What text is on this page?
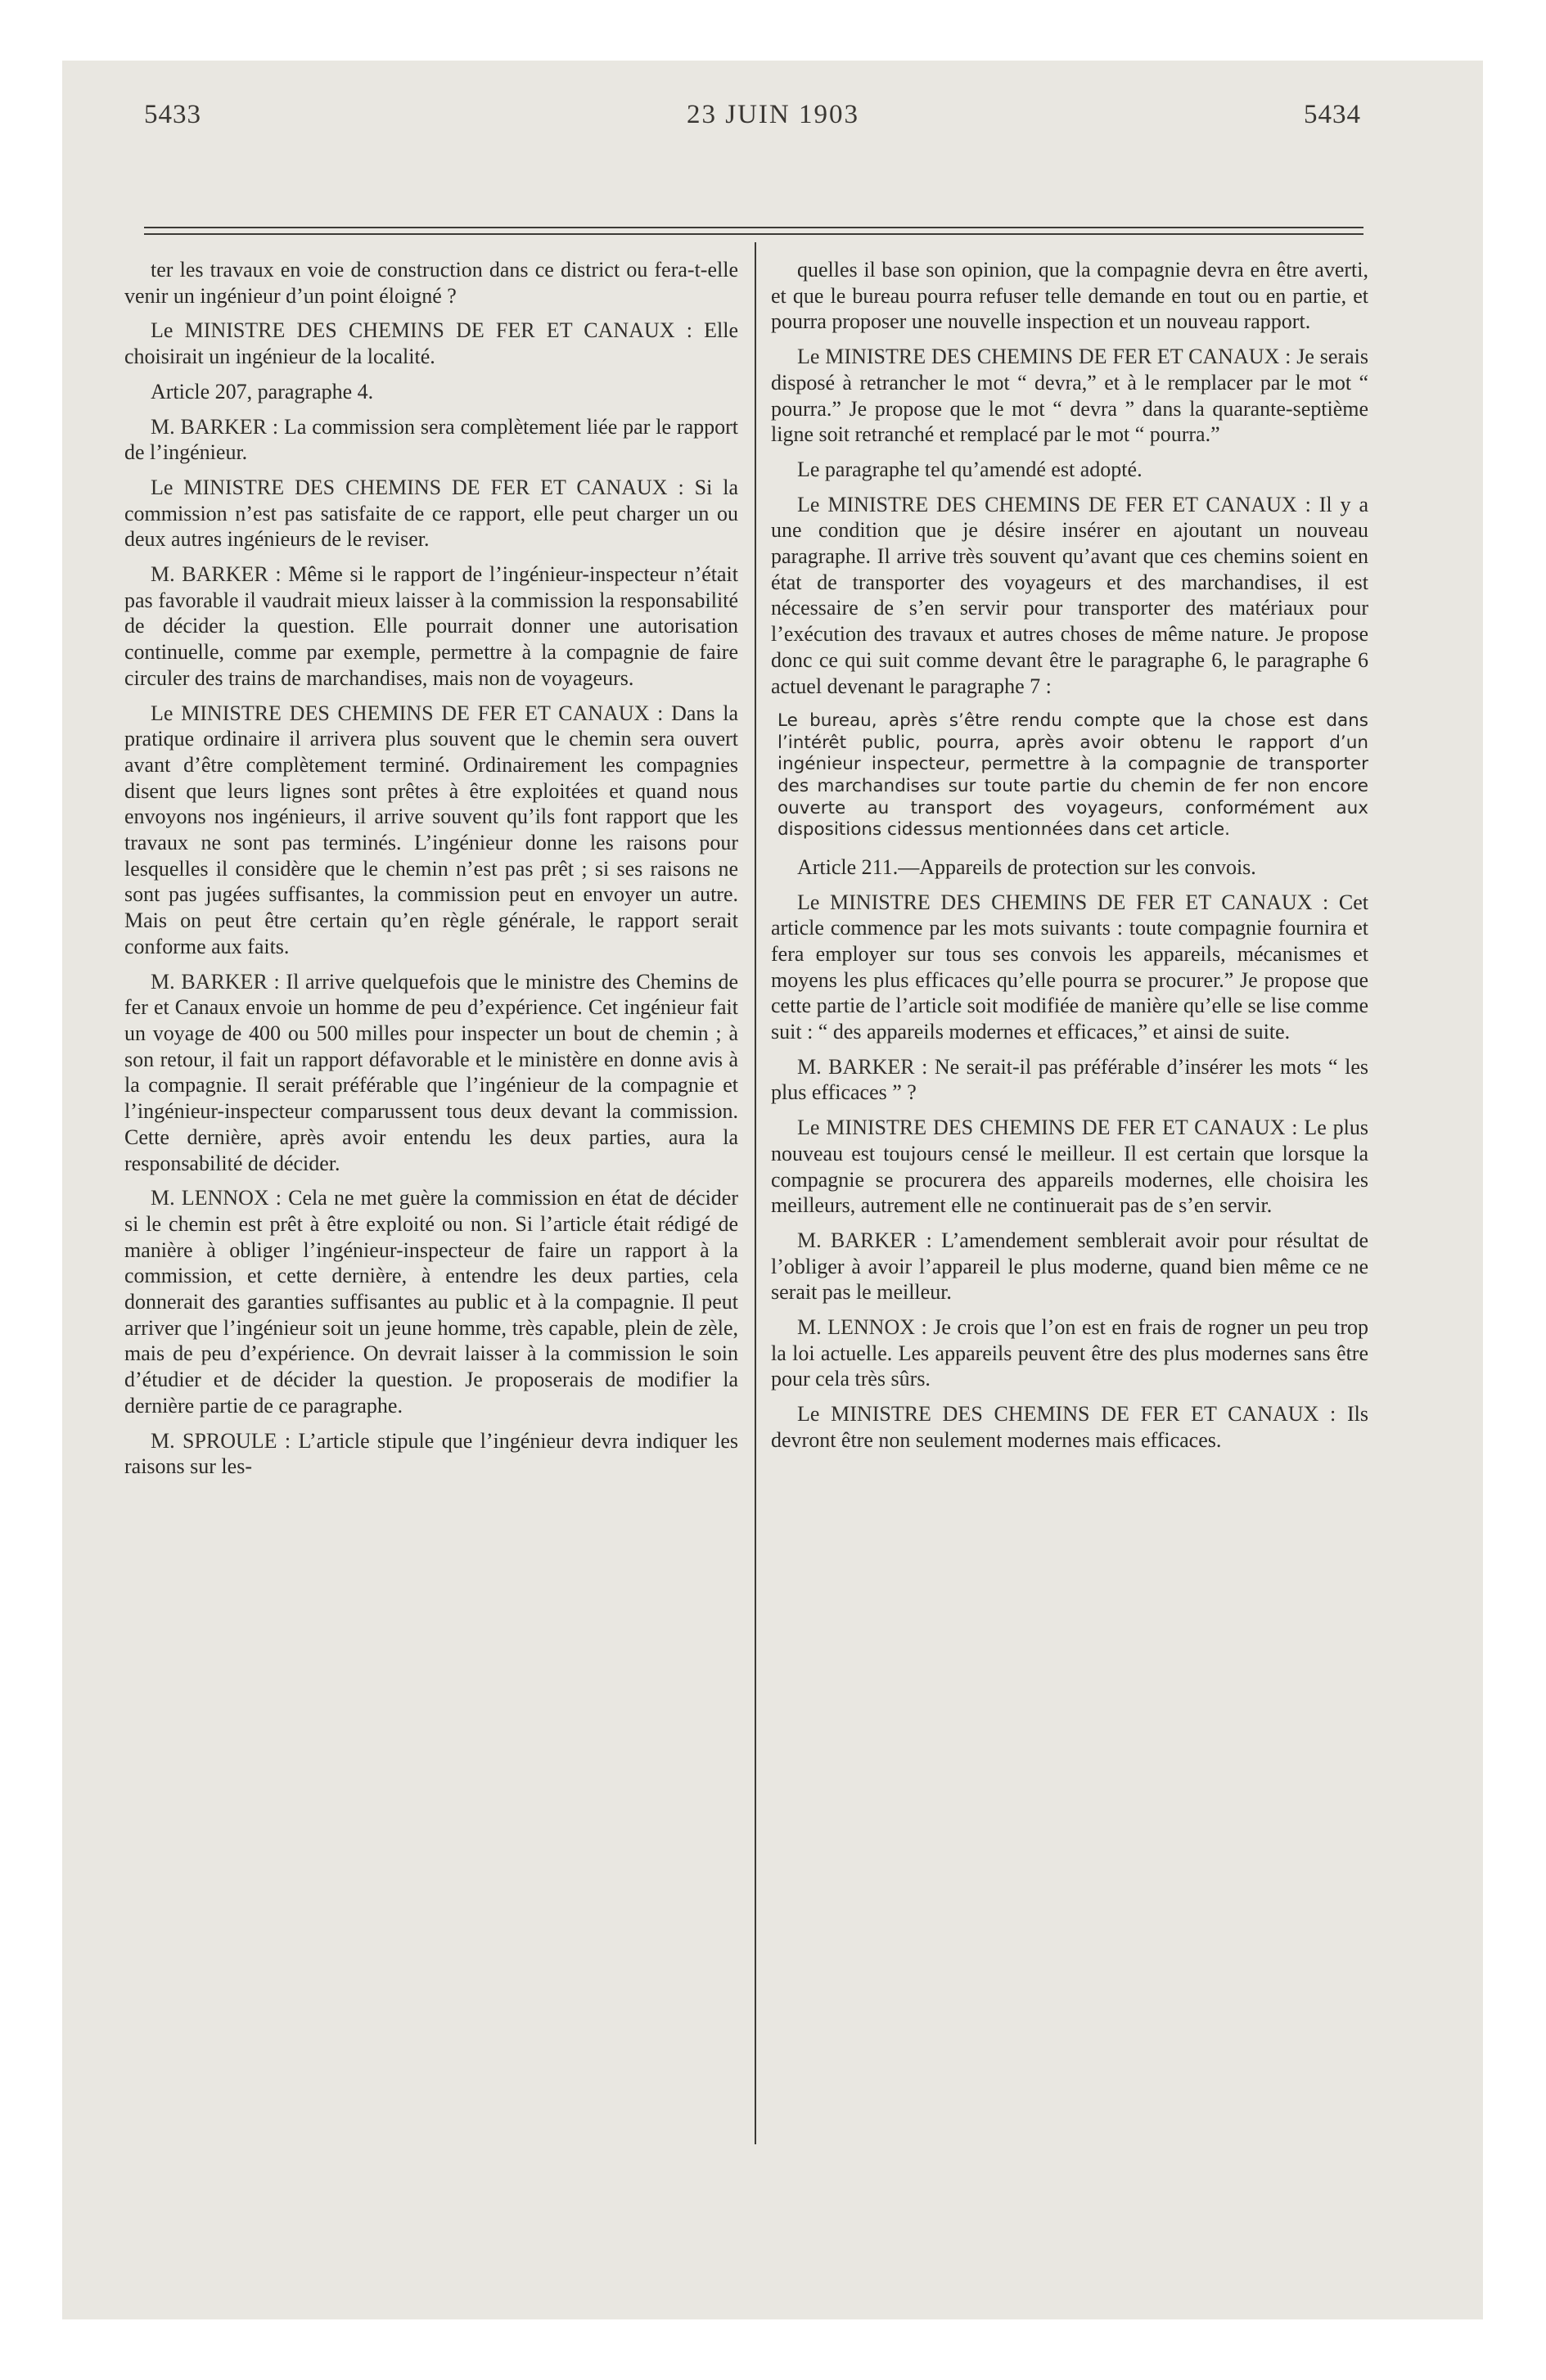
5433	23 JUIN 1903	5434

ter les travaux en voie de construction dans ce district ou fera-t-elle venir un ingénieur d’un point éloigné ?

Le MINISTRE DES CHEMINS DE FER ET CANAUX : Elle choisirait un ingénieur de la localité.

Article 207, paragraphe 4.

M. BARKER : La commission sera complètement liée par le rapport de l’ingénieur.

Le MINISTRE DES CHEMINS DE FER ET CANAUX : Si la commission n’est pas satisfaite de ce rapport, elle peut charger un ou deux autres ingénieurs de le reviser.

M. BARKER : Même si le rapport de l’ingénieur-inspecteur n’était pas favorable il vaudrait mieux laisser à la commission la responsabilité de décider la question. Elle pourrait donner une autorisation continuelle, comme par exemple, permettre à la compagnie de faire circuler des trains de marchandises, mais non de voyageurs.

Le MINISTRE DES CHEMINS DE FER ET CANAUX : Dans la pratique ordinaire il arrivera plus souvent que le chemin sera ouvert avant d’être complètement terminé. Ordinairement les compagnies disent que leurs lignes sont prêtes à être exploitées et quand nous envoyons nos ingénieurs, il arrive souvent qu’ils font rapport que les travaux ne sont pas terminés. L’ingénieur donne les raisons pour lesquelles il considère que le chemin n’est pas prêt ; si ses raisons ne sont pas jugées suffisantes, la commission peut en envoyer un autre. Mais on peut être certain qu’en règle générale, le rapport serait conforme aux faits.

M. BARKER : Il arrive quelquefois que le ministre des Chemins de fer et Canaux envoie un homme de peu d’expérience. Cet ingénieur fait un voyage de 400 ou 500 milles pour inspecter un bout de chemin ; à son retour, il fait un rapport défavorable et le ministère en donne avis à la compagnie. Il serait préférable que l’ingénieur de la compagnie et l’ingénieur-inspecteur comparussent tous deux devant la commission. Cette dernière, après avoir entendu les deux parties, aura la responsabilité de décider.

M. LENNOX : Cela ne met guère la commission en état de décider si le chemin est prêt à être exploité ou non. Si l’article était rédigé de manière à obliger l’ingénieur-inspecteur de faire un rapport à la commission, et cette dernière, à entendre les deux parties, cela donnerait des garanties suffisantes au public et à la compagnie. Il peut arriver que l’ingénieur soit un jeune homme, très capable, plein de zèle, mais de peu d’expérience. On devrait laisser à la commission le soin d’étudier et de décider la question. Je proposerais de modifier la dernière partie de ce paragraphe.

M. SPROULE : L’article stipule que l’ingénieur devra indiquer les raisons sur les-

quelles il base son opinion, que la compagnie devra en être averti, et que le bureau pourra refuser telle demande en tout ou en partie, et pourra proposer une nouvelle inspection et un nouveau rapport.

Le MINISTRE DES CHEMINS DE FER ET CANAUX : Je serais disposé à retrancher le mot “ devra,” et à le remplacer par le mot “ pourra.” Je propose que le mot “ devra ” dans la quarante-septième ligne soit retranché et remplacé par le mot “ pourra.”

Le paragraphe tel qu’amendé est adopté.

Le MINISTRE DES CHEMINS DE FER ET CANAUX : Il y a une condition que je désire insérer en ajoutant un nouveau paragraphe. Il arrive très souvent qu’avant que ces chemins soient en état de transporter des voyageurs et des marchandises, il est nécessaire de s’en servir pour transporter des matériaux pour l’exécution des travaux et autres choses de même nature. Je propose donc ce qui suit comme devant être le paragraphe 6, le paragraphe 6 actuel devenant le paragraphe 7 :

Le bureau, après s’être rendu compte que la chose est dans l’intérêt public, pourra, après avoir obtenu le rapport d’un ingénieur inspecteur, permettre à la compagnie de transporter des marchandises sur toute partie du chemin de fer non encore ouverte au transport des voyageurs, conformément aux dispositions cidessus mentionnées dans cet article.

Article 211.—Appareils de protection sur les convois.

Le MINISTRE DES CHEMINS DE FER ET CANAUX : Cet article commence par les mots suivants : toute compagnie fournira et fera employer sur tous ses convois les appareils, mécanismes et moyens les plus efficaces qu’elle pourra se procurer.” Je propose que cette partie de l’article soit modifiée de manière qu’elle se lise comme suit : “ des appareils modernes et efficaces,” et ainsi de suite.

M. BARKER : Ne serait-il pas préférable d’insérer les mots “ les plus efficaces ” ?

Le MINISTRE DES CHEMINS DE FER ET CANAUX : Le plus nouveau est toujours censé le meilleur. Il est certain que lorsque la compagnie se procurera des appareils modernes, elle choisira les meilleurs, autrement elle ne continuerait pas de s’en servir.

M. BARKER : L’amendement semblerait avoir pour résultat de l’obliger à avoir l’appareil le plus moderne, quand bien même ce ne serait pas le meilleur.

M. LENNOX : Je crois que l’on est en frais de rogner un peu trop la loi actuelle. Les appareils peuvent être des plus modernes sans être pour cela très sûrs.

Le MINISTRE DES CHEMINS DE FER ET CANAUX : Ils devront être non seulement modernes mais efficaces.
